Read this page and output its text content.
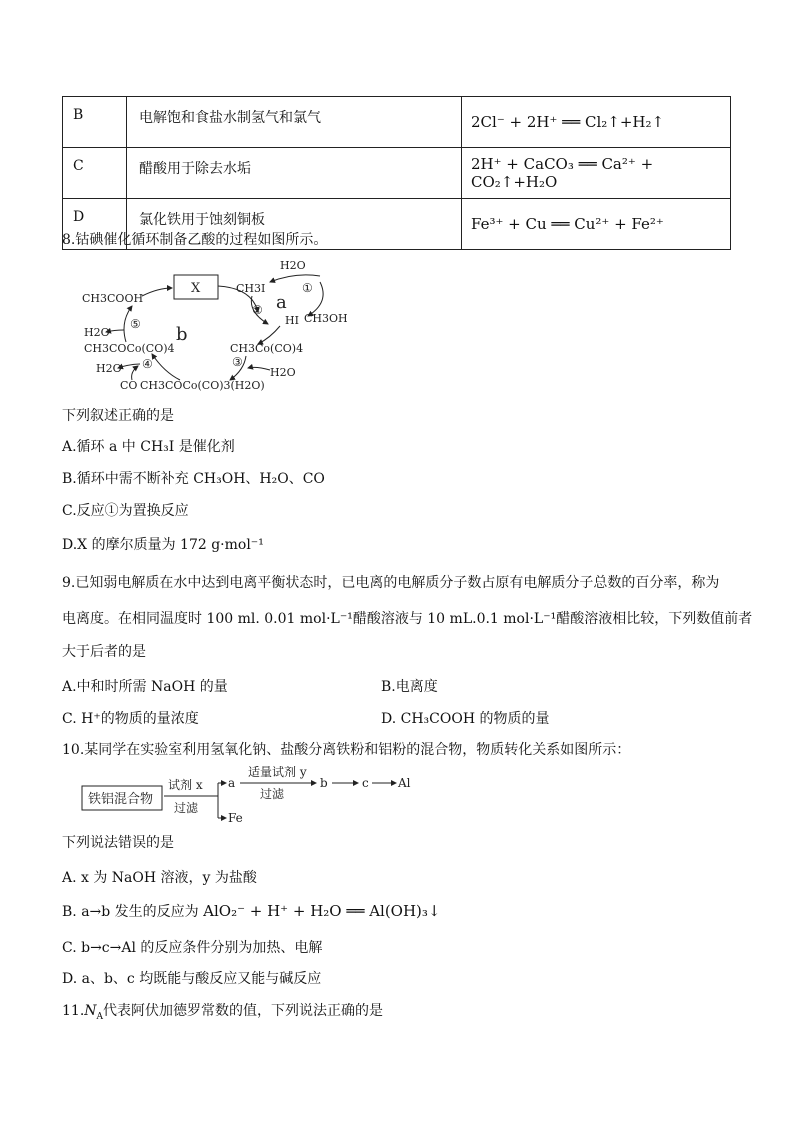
B	电解饱和食盐水制氢气和氯气	2Cl⁻ + 2H⁺ ══ Cl₂↑+H₂↑
C	醋酸用于除去水垢	2H⁺ + CaCO₃ ══ Ca²⁺ + CO₂↑+H₂O
D	氯化铁用于蚀刻铜板	Fe³⁺ + Cu ══ Cu²⁺ + Fe²⁺
8.钴碘催化循环制备乙酸的过程如图所示。
X
CH3COOH
H2O
CH3I
a
①
HI CH3OH
②
CH3Co(CO)4
③
H2O
CO CH3COCo(CO)3(H2O)
H2O ④
CH3COCo(CO)4
b
H2O
⑤
下列叙述正确的是
A.循环 a 中 CH₃I 是催化剂
B.循环中需不断补充 CH₃OH、H₂O、CO
C.反应①为置换反应
D.X 的摩尔质量为 172 g·mol⁻¹
9.已知弱电解质在水中达到电离平衡状态时，已电离的电解质分子数占原有电解质分子总数的百分率，称为
电离度。在相同温度时 100 ml. 0.01 mol·L⁻¹醋酸溶液与 10 mL.0.1 mol·L⁻¹醋酸溶液相比较，下列数值前者
大于后者的是
A.中和时所需 NaOH 的量	B.电离度
C. H⁺的物质的量浓度	D. CH₃COOH 的物质的量
10.某同学在实验室利用氢氧化钠、盐酸分离铁粉和铝粉的混合物，物质转化关系如图所示：
铁铝混合物
试剂 x
过滤
a
Fe
适量试剂 y
过滤
b	c Al
下列说法错误的是
A. x 为 NaOH 溶液，y 为盐酸
B. a→b 发生的反应为 AlO₂⁻ + H⁺ + H₂O ══ Al(OH)₃↓
C. b→c→Al 的反应条件分别为加热、电解
D. a、b、c 均既能与酸反应又能与碱反应
$11.N_A$代表阿伏加德罗常数的值，下列说法正确的是
